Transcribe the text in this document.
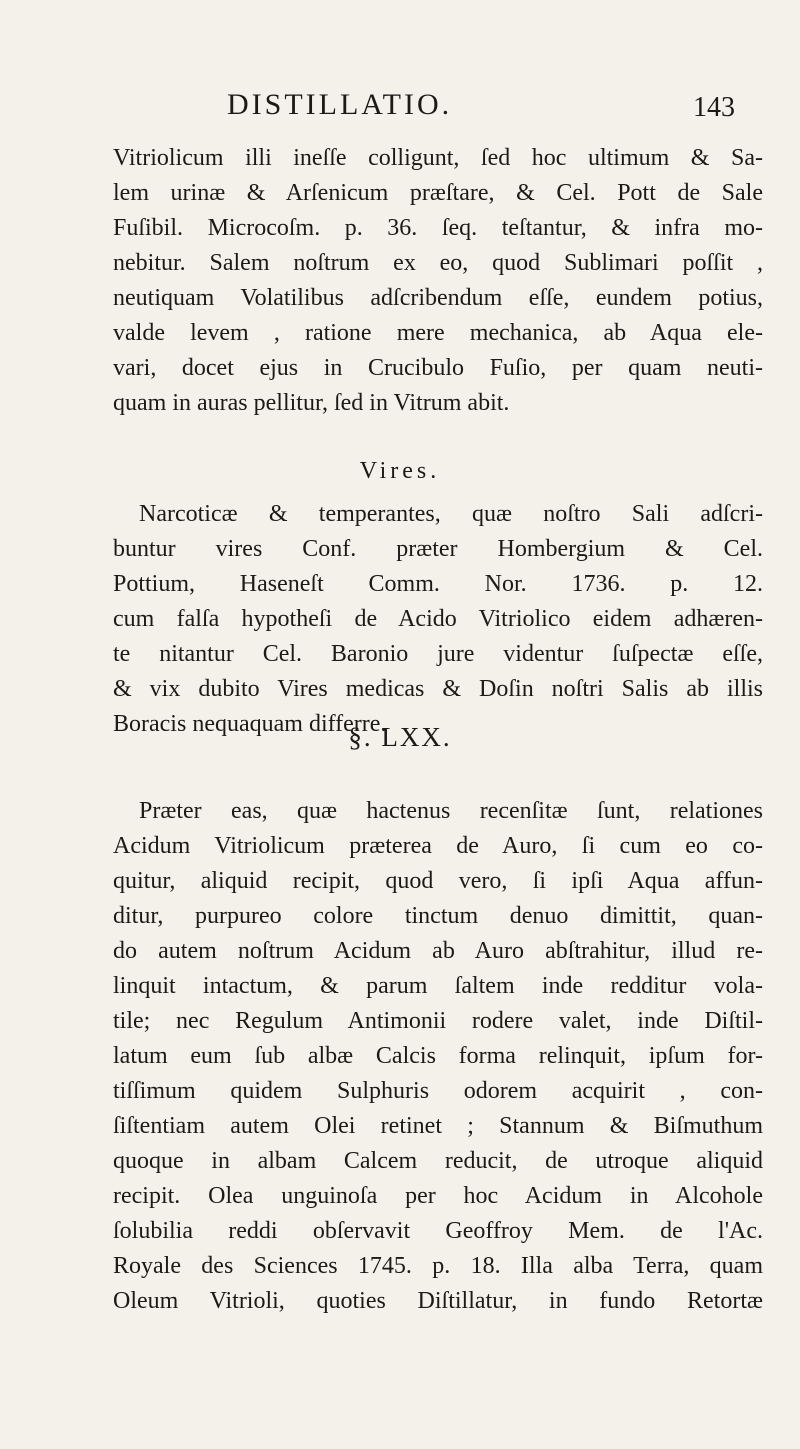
DISTILLATIO.	143
Vitriolicum illi ineſſe colligunt, ſed hoc ultimum & Sa-
lem urinæ & Arſenicum præſtare, & Cel. Pott de Sale
Fuſibil. Microcoſm. p. 36. ſeq. teſtantur, & infra mo-
nebitur. Salem noſtrum ex eo, quod Sublimari poſſit ,
neutiquam Volatilibus adſcribendum eſſe, eundem potius,
valde levem , ratione mere mechanica, ab Aqua ele-
vari, docet ejus in Crucibulo Fuſio, per quam neuti-
quam in auras pellitur, ſed in Vitrum abit.
Vires.
Narcoticæ & temperantes, quæ noſtro Sali adſcri-
buntur vires Conf. præter Hombergium & Cel.
Pottium, Haseneſt Comm. Nor. 1736. p. 12.
cum falſa hypotheſi de Acido Vitriolico eidem adhæren-
te nitantur Cel. Baronio jure videntur ſuſpectæ eſſe,
& vix dubito Vires medicas & Doſin noſtri Salis ab illis
Boracis nequaquam differre.
§. LXX.
Præter eas, quæ hactenus recenſitæ ſunt, relationes
Acidum Vitriolicum prætereа de Auro, ſi cum eo co-
quitur, aliquid recipit, quod vero, ſi ipſi Aqua affun-
ditur, purpureo colore tinctum denuo dimittit, quan-
do autem noſtrum Acidum ab Auro abſtrahitur, illud re-
linquit intactum, & parum ſaltem inde redditur vola-
tile; nec Regulum Antimonii rodere valet, inde Diſtil-
latum eum ſub albæ Calcis forma relinquit, ipſum for-
tiſſimum quidem Sulphuris odorem acquirit , con-
ſiſtentiam autem Olei retinet ; Stannum & Biſmuthum
quoque in albam Calcem reducit, de utroque aliquid
recipit. Olea unguinoſa per hoc Acidum in Alcohole
ſolubilia reddi obſervavit Geoffroy Mem. de l'Ac.
Royale des Sciences 1745. p. 18. Illa alba Terra, quam
Oleum Vitrioli, quoties Diſtillatur, in fundo Retortæ
